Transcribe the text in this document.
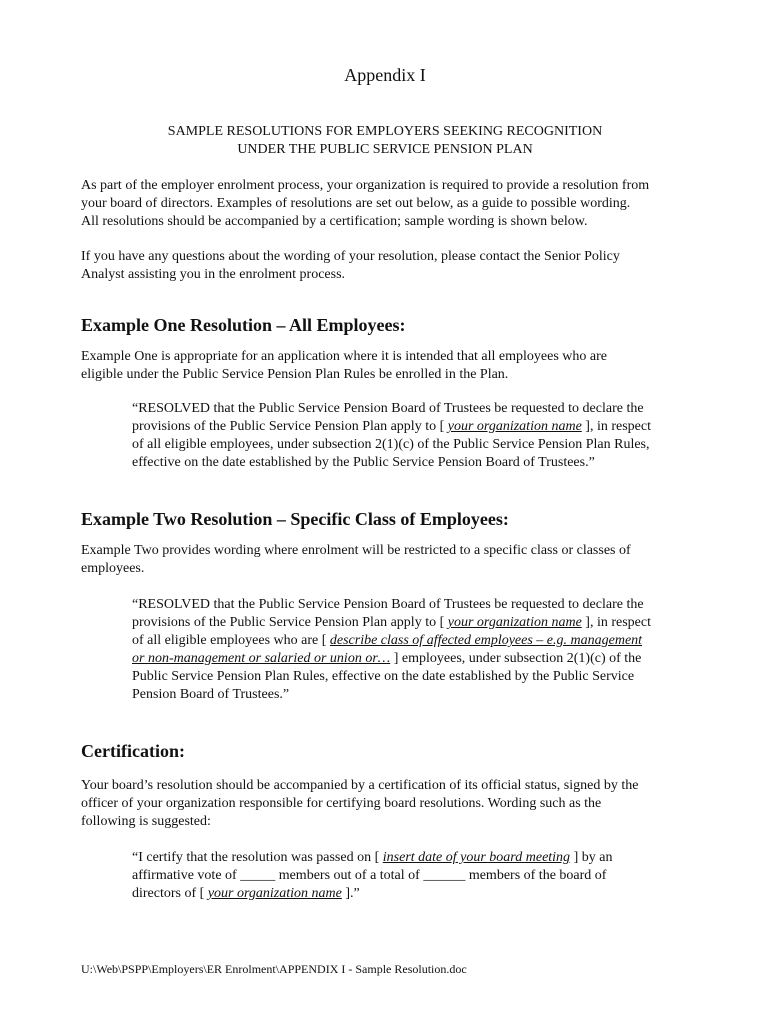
Appendix I
SAMPLE RESOLUTIONS FOR EMPLOYERS SEEKING RECOGNITION
UNDER THE PUBLIC SERVICE PENSION PLAN
As part of the employer enrolment process, your organization is required to provide a resolution from
your board of directors. Examples of resolutions are set out below, as a guide to possible wording.
All resolutions should be accompanied by a certification; sample wording is shown below.
If you have any questions about the wording of your resolution, please contact the Senior Policy
Analyst assisting you in the enrolment process.
Example One Resolution – All Employees:
Example One is appropriate for an application where it is intended that all employees who are
eligible under the Public Service Pension Plan Rules be enrolled in the Plan.
“RESOLVED that the Public Service Pension Board of Trustees be requested to declare the
provisions of the Public Service Pension Plan apply to [ your organization name ], in respect
of all eligible employees, under subsection 2(1)(c) of the Public Service Pension Plan Rules,
effective on the date established by the Public Service Pension Board of Trustees.”
Example Two Resolution – Specific Class of Employees:
Example Two provides wording where enrolment will be restricted to a specific class or classes of
employees.
“RESOLVED that the Public Service Pension Board of Trustees be requested to declare the
provisions of the Public Service Pension Plan apply to [ your organization name ], in respect
of all eligible employees who are [ describe class of affected employees – e.g. management
or non-management or salaried or union or… ] employees, under subsection 2(1)(c) of the
Public Service Pension Plan Rules, effective on the date established by the Public Service
Pension Board of Trustees.”
Certification:
Your board’s resolution should be accompanied by a certification of its official status, signed by the
officer of your organization responsible for certifying board resolutions. Wording such as the
following is suggested:
“I certify that the resolution was passed on [ insert date of your board meeting ] by an
affirmative vote of _____ members out of a total of ______ members of the board of
directors of [ your organization name ].”
U:\Web\PSPP\Employers\ER Enrolment\APPENDIX I - Sample Resolution.doc
